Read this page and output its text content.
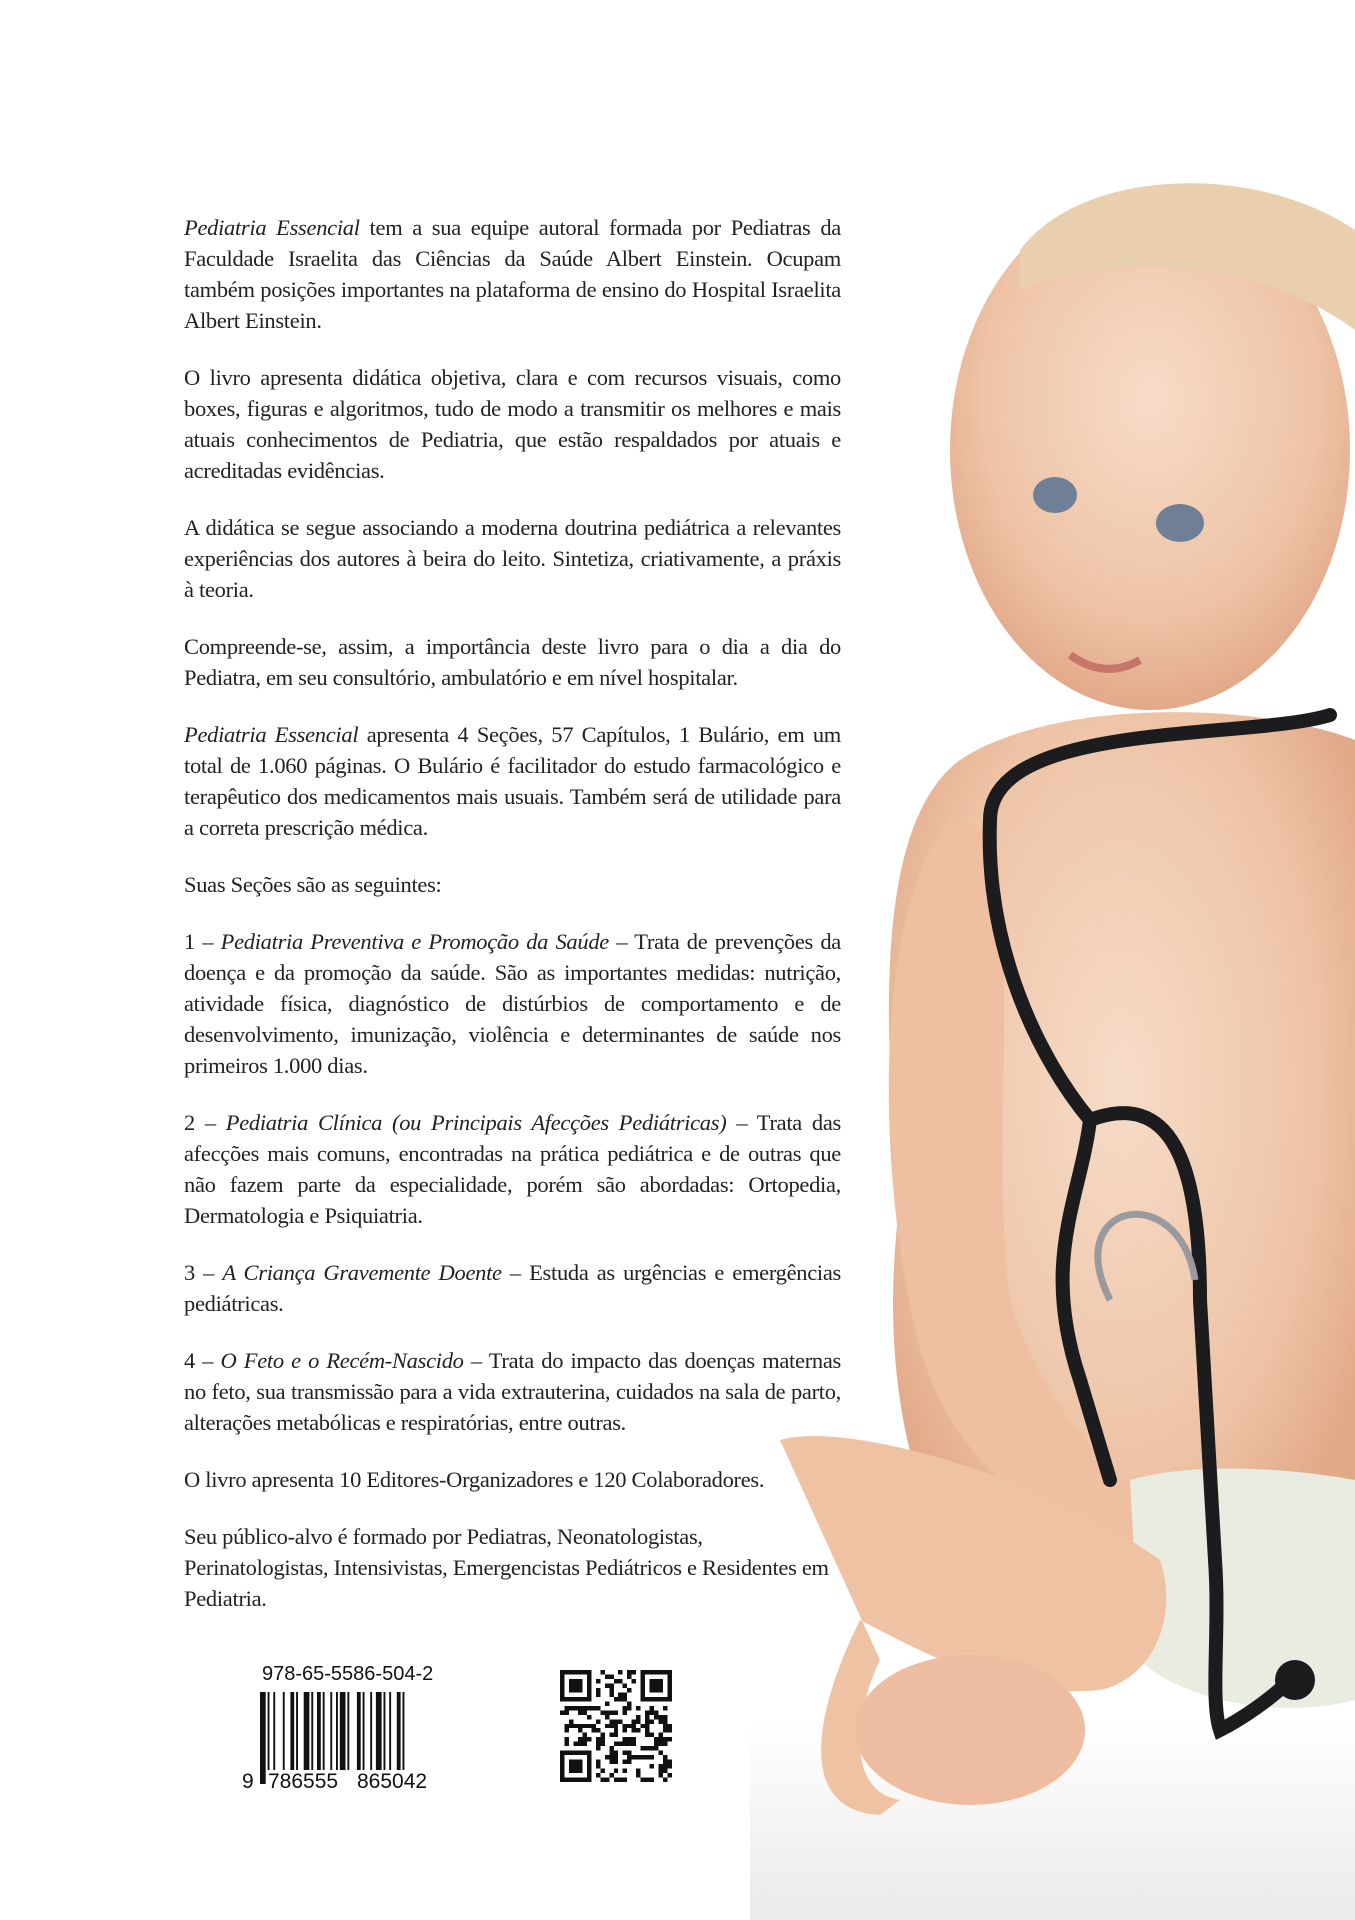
Pediatria Essencial tem a sua equipe autoral formada por Pediatras da Faculdade Israelita das Ciências da Saúde Albert Einstein. Ocupam também posições importantes na plataforma de ensino do Hospital Israelita Albert Einstein.

O livro apresenta didática objetiva, clara e com recursos visuais, como boxes, figuras e algoritmos, tudo de modo a transmitir os melhores e mais atuais conhecimentos de Pediatria, que estão respaldados por atuais e acreditadas evidências.

A didática se segue associando a moderna doutrina pediátrica a relevantes experiências dos autores à beira do leito. Sintetiza, criativamente, a práxis à teoria.

Compreende-se, assim, a importância deste livro para o dia a dia do Pediatra, em seu consultório, ambulatório e em nível hospitalar.

Pediatria Essencial apresenta 4 Seções, 57 Capítulos, 1 Bulário, em um total de 1.060 páginas. O Bulário é facilitador do estudo farmacológico e terapêutico dos medicamentos mais usuais. Também será de utilidade para a correta prescrição médica.

Suas Seções são as seguintes:

1 – Pediatria Preventiva e Promoção da Saúde – Trata de prevenções da doença e da promoção da saúde. São as importantes medidas: nutrição, atividade física, diagnóstico de distúrbios de comportamento e de desenvolvimento, imunização, violência e determinantes de saúde nos primeiros 1.000 dias.

2 – Pediatria Clínica (ou Principais Afecções Pediátricas) – Trata das afecções mais comuns, encontradas na prática pediátrica e de outras que não fazem parte da especialidade, porém são abordadas: Ortopedia, Dermatologia e Psiquiatria.

3 – A Criança Gravemente Doente – Estuda as urgências e emergências pediátricas.

4 – O Feto e o Recém-Nascido – Trata do impacto das doenças maternas no feto, sua transmissão para a vida extrauterina, cuidados na sala de parto, alterações metabólicas e respiratórias, entre outras.

O livro apresenta 10 Editores-Organizadores e 120 Colaboradores.

Seu público-alvo é formado por Pediatras, Neonatologistas, Perinatologistas, Intensivistas, Emergencistas Pediátricos e Residentes em Pediatria.

978-65-5586-504-2
9 786555 865042
